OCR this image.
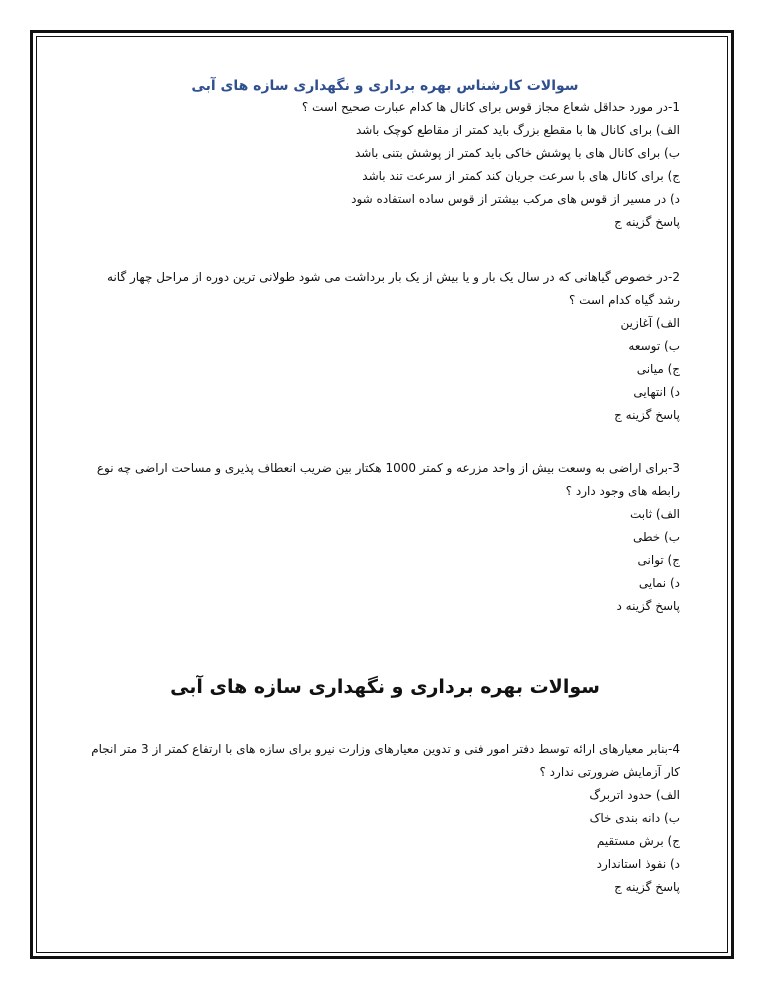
سوالات کارشناس بهره برداری و نگهداری سازه های آبی
1-در مورد حداقل شعاع مجاز قوس برای کانال ها کدام عبارت صحیح است ؟
الف) برای کانال ها با مقطع بزرگ باید کمتر از مقاطع کوچک باشد
ب) برای کانال های با پوشش خاکی باید کمتر از پوشش بتنی باشد
ج) برای کانال های با سرعت جریان کند کمتر از سرعت تند باشد
د) در مسیر از قوس های مرکب بیشتر از قوس ساده استفاده شود
پاسخ گزینه ج
2-در خصوص گیاهانی که در سال یک بار و یا بیش از یک بار برداشت می شود طولانی ترین دوره از مراحل چهار گانه رشد گیاه کدام است ؟
الف) آغازین
ب) توسعه
ج) میانی
د) انتهایی
پاسخ گزینه ج
3-برای اراضی به وسعت بیش از واحد مزرعه و کمتر 1000 هکتار بین ضریب انعطاف پذیری و مساحت اراضی چه نوع رابطه های وجود دارد ؟
الف) ثابت
ب) خطی
ج) توانی
د) نمایی
پاسخ گزینه د
سوالات بهره برداری و نگهداری سازه های آبی
4-بنابر معیارهای ارائه توسط دفتر امور فنی و تدوین معیارهای وزارت نیرو برای سازه های با ارتفاع کمتر از 3 متر انجام کار آزمایش ضرورتی ندارد ؟
الف) حدود اتربرگ
ب) دانه بندی خاک
ج) برش مستقیم
د) نفوذ استاندارد
پاسخ گزینه ج
